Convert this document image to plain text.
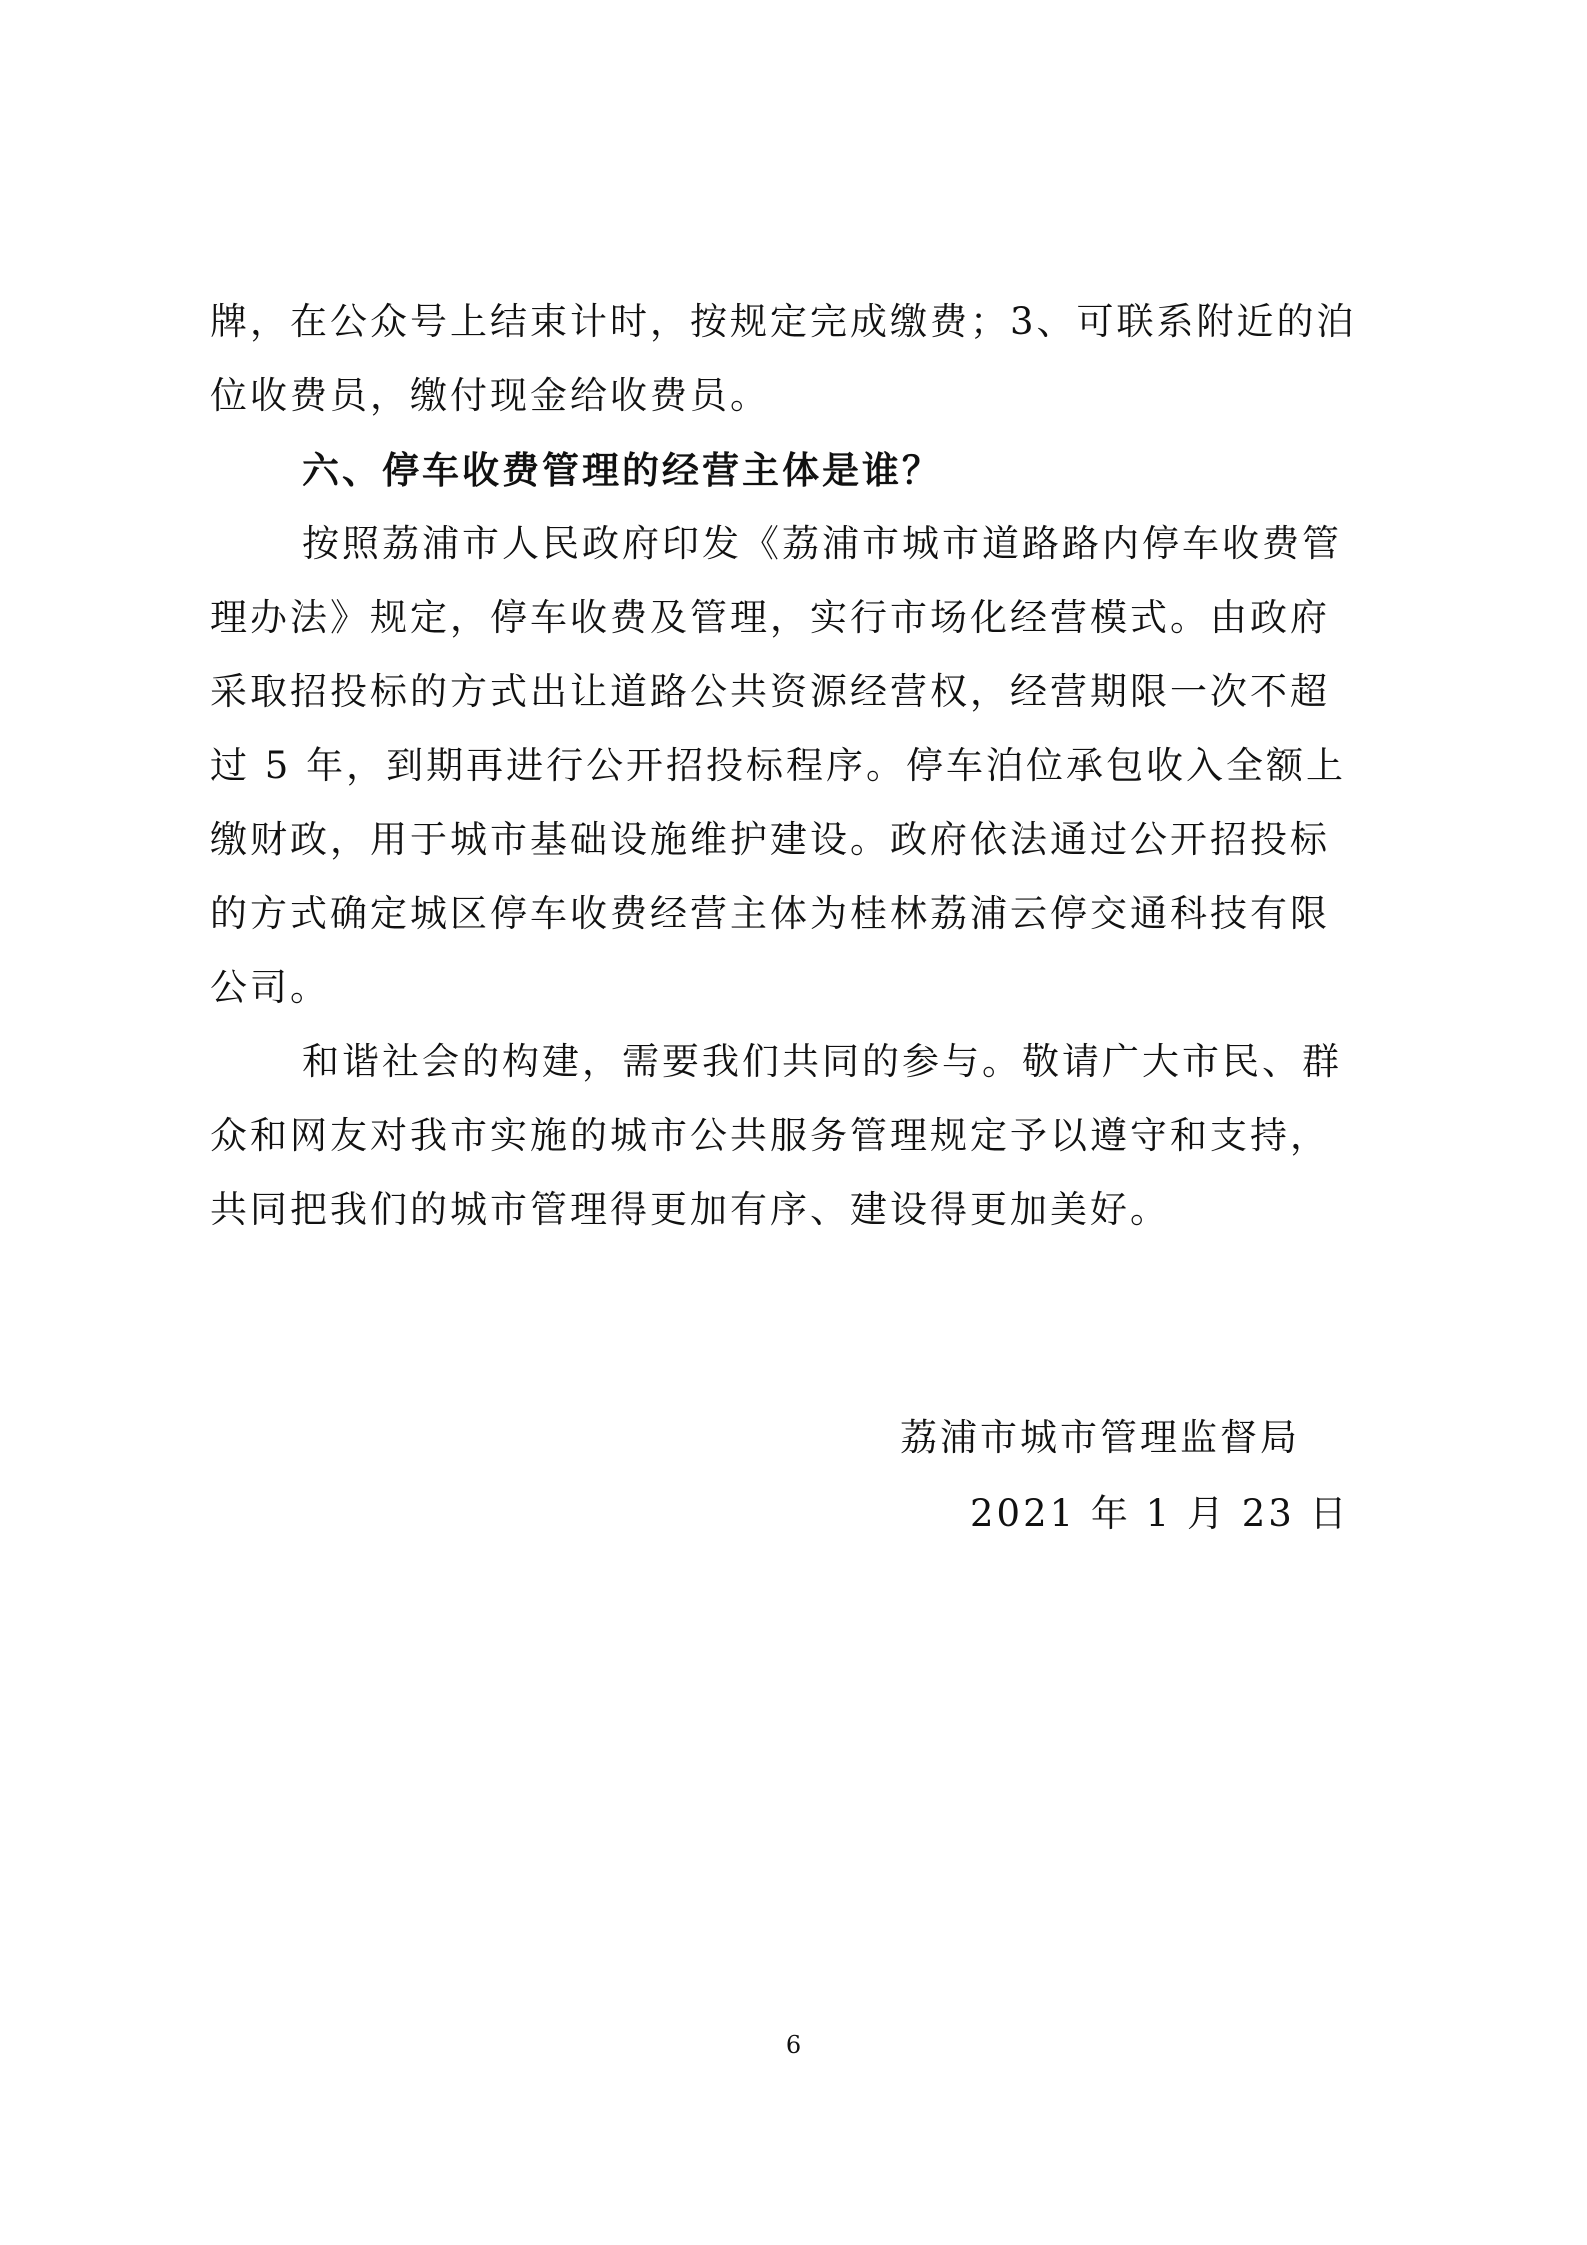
牌，在公众号上结束计时，按规定完成缴费；3、可联系附近的泊
位收费员，缴付现金给收费员。

六、停车收费管理的经营主体是谁？

按照荔浦市人民政府印发《荔浦市城市道路路内停车收费管
理办法》规定，停车收费及管理，实行市场化经营模式。由政府
采取招投标的方式出让道路公共资源经营权，经营期限一次不超
过 5 年，到期再进行公开招投标程序。停车泊位承包收入全额上
缴财政，用于城市基础设施维护建设。政府依法通过公开招投标
的方式确定城区停车收费经营主体为桂林荔浦云停交通科技有限
公司。

和谐社会的构建，需要我们共同的参与。敬请广大市民、群
众和网友对我市实施的城市公共服务管理规定予以遵守和支持，
共同把我们的城市管理得更加有序、建设得更加美好。

荔浦市城市管理监督局
2021 年 1 月 23 日
6
